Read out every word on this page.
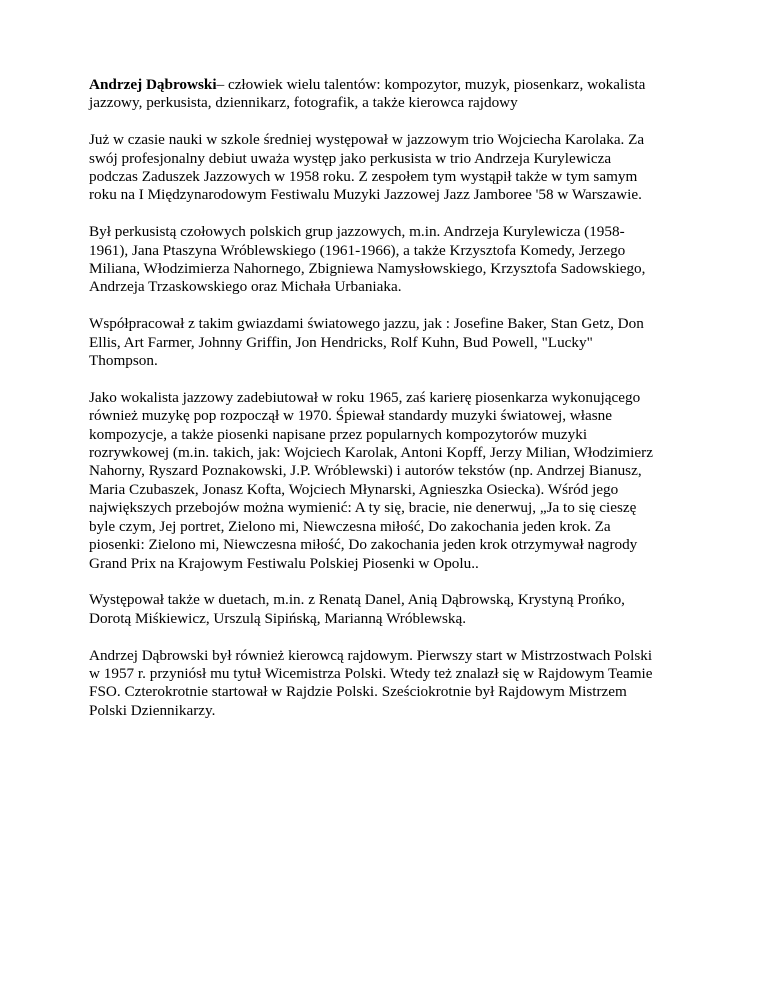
Andrzej Dąbrowski– człowiek wielu talentów: kompozytor, muzyk, piosenkarz, wokalista
jazzowy, perkusista, dziennikarz, fotografik, a także kierowca rajdowy

Już w czasie nauki w szkole średniej występował w jazzowym trio Wojciecha Karolaka. Za
swój profesjonalny debiut uważa występ jako perkusista w trio Andrzeja Kurylewicza
podczas Zaduszek Jazzowych w 1958 roku. Z zespołem tym wystąpił także w tym samym
roku na I Międzynarodowym Festiwalu Muzyki Jazzowej Jazz Jamboree '58 w Warszawie.

Był perkusistą czołowych polskich grup jazzowych, m.in. Andrzeja Kurylewicza (1958-
1961), Jana Ptaszyna Wróblewskiego (1961-1966), a także Krzysztofa Komedy, Jerzego
Miliana, Włodzimierza Nahornego, Zbigniewa Namysłowskiego, Krzysztofa Sadowskiego,
Andrzeja Trzaskowskiego oraz Michała Urbaniaka.

Współpracował z takim gwiazdami światowego jazzu, jak : Josefine Baker, Stan Getz, Don
Ellis, Art Farmer, Johnny Griffin, Jon Hendricks, Rolf Kuhn, Bud Powell, "Lucky"
Thompson.

Jako wokalista jazzowy zadebiutował w roku 1965, zaś karierę piosenkarza wykonującego
również muzykę pop rozpoczął w 1970. Śpiewał standardy muzyki światowej, własne
kompozycje, a także piosenki napisane przez popularnych kompozytorów muzyki
rozrywkowej (m.in. takich, jak: Wojciech Karolak, Antoni Kopff, Jerzy Milian, Włodzimierz
Nahorny, Ryszard Poznakowski, J.P. Wróblewski) i autorów tekstów (np. Andrzej Bianusz,
Maria Czubaszek, Jonasz Kofta, Wojciech Młynarski, Agnieszka Osiecka). Wśród jego
największych przebojów można wymienić: A ty się, bracie, nie denerwuj, „Ja to się cieszę
byle czym, Jej portret, Zielono mi, Niewczesna miłość, Do zakochania jeden krok. Za
piosenki: Zielono mi, Niewczesna miłość, Do zakochania jeden krok otrzymywał nagrody
Grand Prix na Krajowym Festiwalu Polskiej Piosenki w Opolu..

Występował także w duetach, m.in. z Renatą Danel, Anią Dąbrowską, Krystyną Prońko,
Dorotą Miśkiewicz, Urszulą Sipińską, Marianną Wróblewską.

Andrzej Dąbrowski był również kierowcą rajdowym. Pierwszy start w Mistrzostwach Polski
w 1957 r. przyniósł mu tytuł Wicemistrza Polski. Wtedy też znalazł się w Rajdowym Teamie
FSO. Czterokrotnie startował w Rajdzie Polski. Sześciokrotnie był Rajdowym Mistrzem
Polski Dziennikarzy.
